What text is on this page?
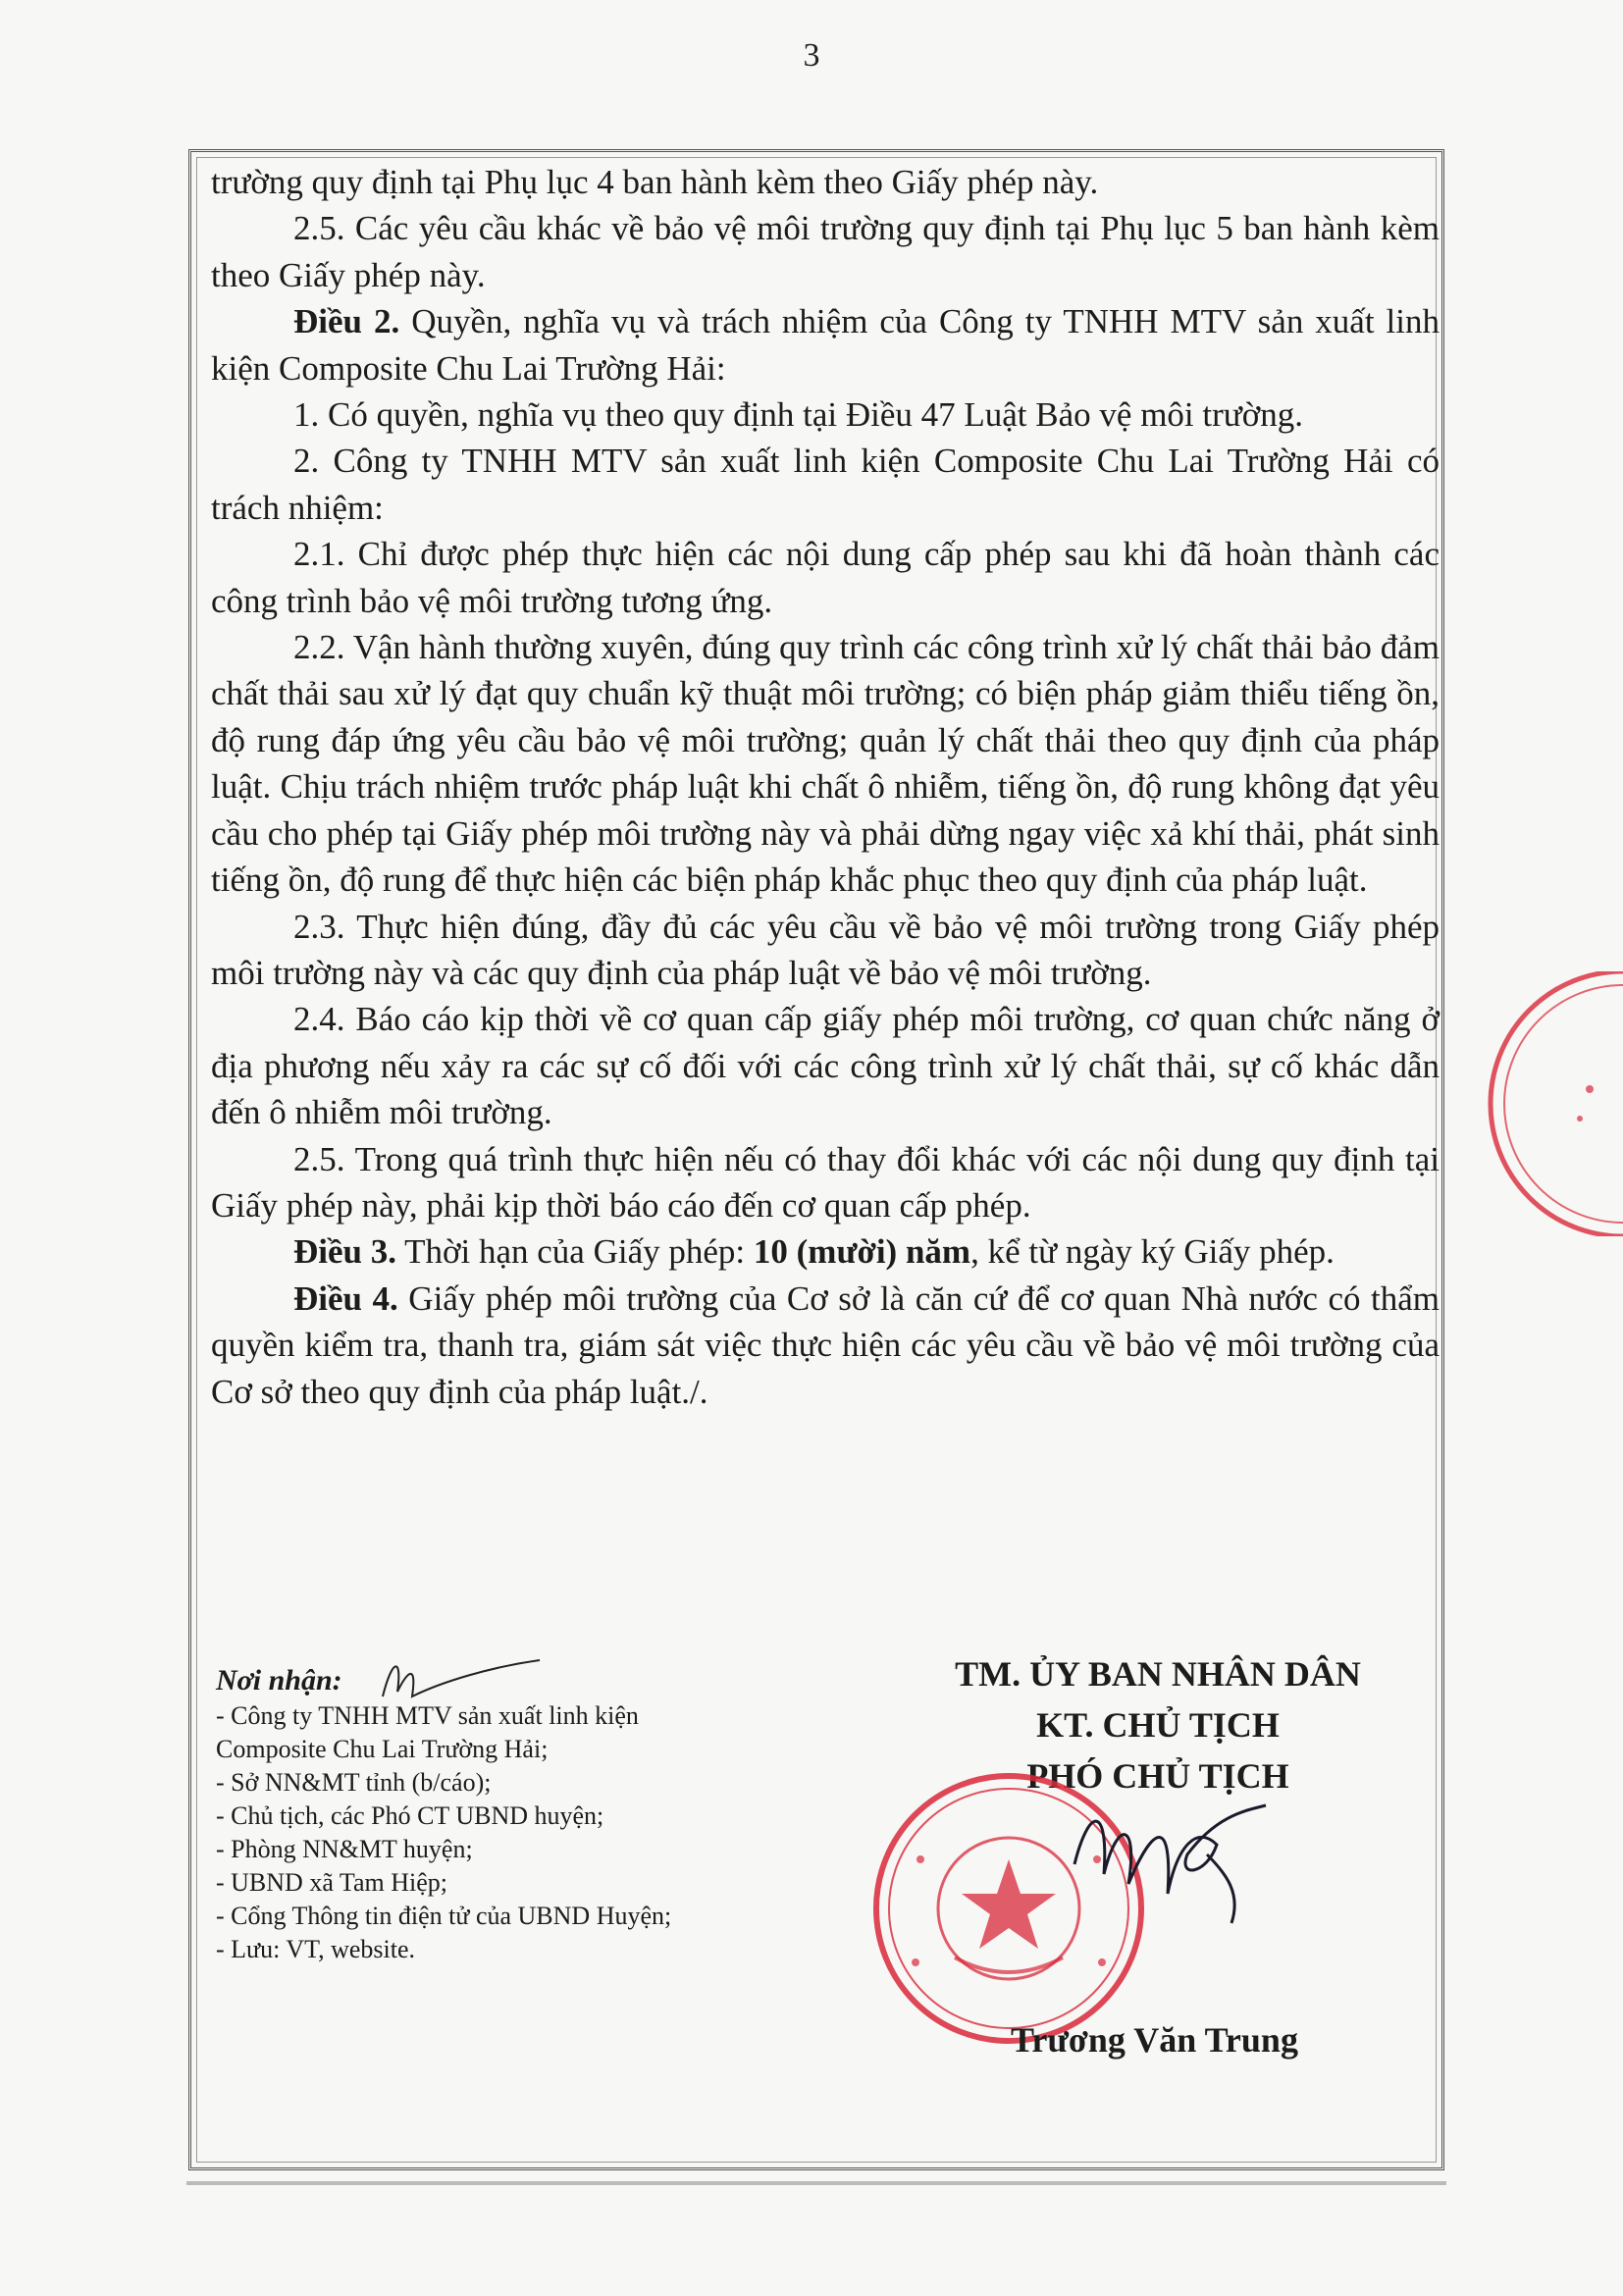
3

trường quy định tại Phụ lục 4 ban hành kèm theo Giấy phép này.

2.5. Các yêu cầu khác về bảo vệ môi trường quy định tại Phụ lục 5 ban hành kèm theo Giấy phép này.

Điều 2. Quyền, nghĩa vụ và trách nhiệm của Công ty TNHH MTV sản xuất linh kiện Composite Chu Lai Trường Hải:

1. Có quyền, nghĩa vụ theo quy định tại Điều 47 Luật Bảo vệ môi trường.

2. Công ty TNHH MTV sản xuất linh kiện Composite Chu Lai Trường Hải có trách nhiệm:

2.1. Chỉ được phép thực hiện các nội dung cấp phép sau khi đã hoàn thành các công trình bảo vệ môi trường tương ứng.

2.2. Vận hành thường xuyên, đúng quy trình các công trình xử lý chất thải bảo đảm chất thải sau xử lý đạt quy chuẩn kỹ thuật môi trường; có biện pháp giảm thiểu tiếng ồn, độ rung đáp ứng yêu cầu bảo vệ môi trường; quản lý chất thải theo quy định của pháp luật. Chịu trách nhiệm trước pháp luật khi chất ô nhiễm, tiếng ồn, độ rung không đạt yêu cầu cho phép tại Giấy phép môi trường này và phải dừng ngay việc xả khí thải, phát sinh tiếng ồn, độ rung để thực hiện các biện pháp khắc phục theo quy định của pháp luật.

2.3. Thực hiện đúng, đầy đủ các yêu cầu về bảo vệ môi trường trong Giấy phép môi trường này và các quy định của pháp luật về bảo vệ môi trường.

2.4. Báo cáo kịp thời về cơ quan cấp giấy phép môi trường, cơ quan chức năng ở địa phương nếu xảy ra các sự cố đối với các công trình xử lý chất thải, sự cố khác dẫn đến ô nhiễm môi trường.

2.5. Trong quá trình thực hiện nếu có thay đổi khác với các nội dung quy định tại Giấy phép này, phải kịp thời báo cáo đến cơ quan cấp phép.

Điều 3. Thời hạn của Giấy phép: 10 (mười) năm, kể từ ngày ký Giấy phép.

Điều 4. Giấy phép môi trường của Cơ sở là căn cứ để cơ quan Nhà nước có thẩm quyền kiểm tra, thanh tra, giám sát việc thực hiện các yêu cầu về bảo vệ môi trường của Cơ sở theo quy định của pháp luật./.

Nơi nhận:
- Công ty TNHH MTV sản xuất linh kiện
Composite Chu Lai Trường Hải;
- Sở NN&MT tỉnh (b/cáo);
- Chủ tịch, các Phó CT UBND huyện;
- Phòng NN&MT huyện;
- UBND xã Tam Hiệp;
- Cổng Thông tin điện tử của UBND Huyện;
- Lưu: VT, website.
TM. ỦY BAN NHÂN DÂN
KT. CHỦ TỊCH
PHÓ CHỦ TỊCH
Trương Văn Trung
